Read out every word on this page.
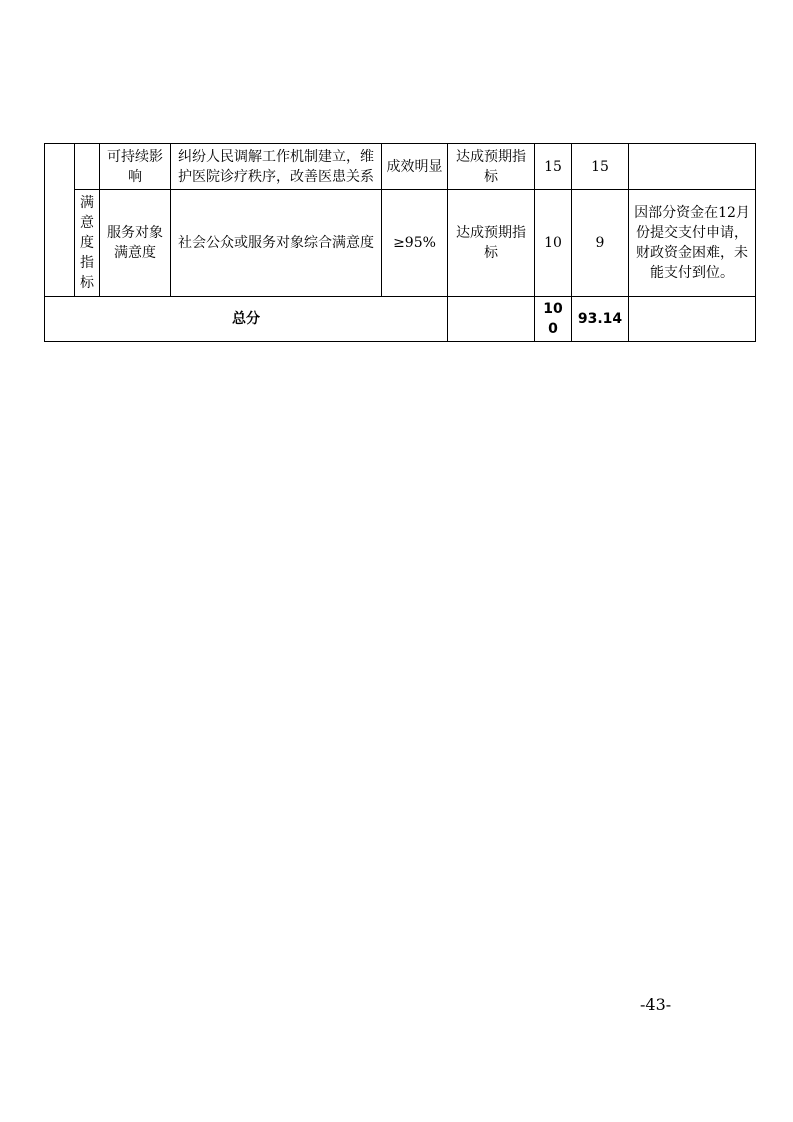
		可持续影响	纠纷人民调解工作机制建立，维护医院诊疗秩序，改善医患关系	成效明显	达成预期指标	15	15	
	满意度指标	服务对象满意度	社会公众或服务对象综合满意度	≥95%	达成预期指标	10	9	因部分资金在12月份提交支付申请，财政资金困难，未能支付到位。
总分						100	93.14	
-43-
